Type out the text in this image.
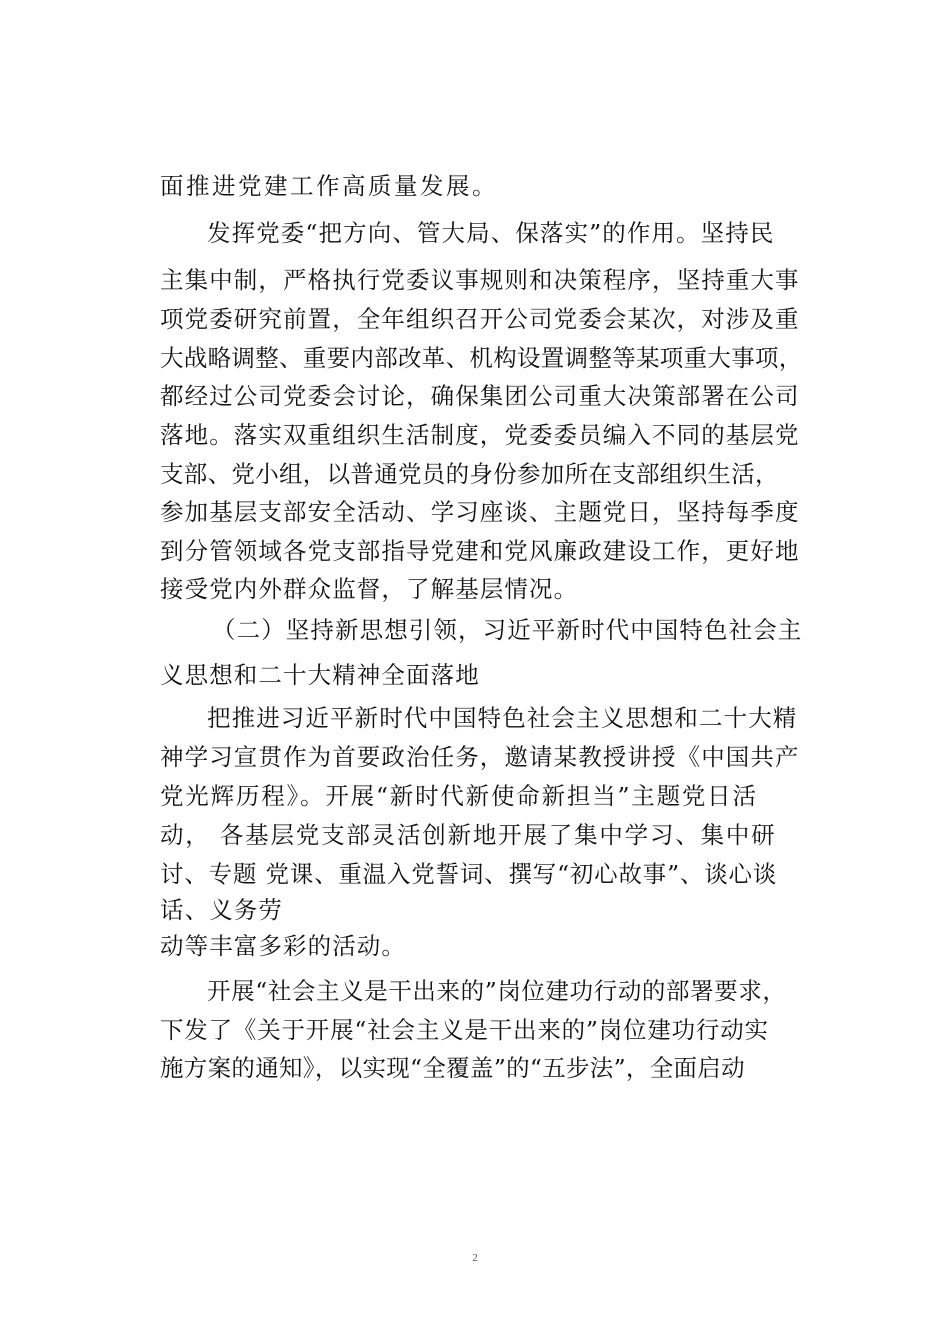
面推进党建工作高质量发展。
发挥党委“把方向、管大局、保落实”的作用。坚持民
主集中制，严格执行党委议事规则和决策程序，坚持重大事
项党委研究前置，全年组织召开公司党委会某次，对涉及重
大战略调整、重要内部改革、机构设置调整等某项重大事项，
都经过公司党委会讨论，确保集团公司重大决策部署在公司
落地。落实双重组织生活制度，党委委员编入不同的基层党
支部、党小组，以普通党员的身份参加所在支部组织生活，
参加基层支部安全活动、学习座谈、主题党日，坚持每季度
到分管领域各党支部指导党建和党风廉政建设工作，更好地
接受党内外群众监督，了解基层情况。
（二）坚持新思想引领，习近平新时代中国特色社会主
义思想和二十大精神全面落地
把推进习近平新时代中国特色社会主义思想和二十大精
神学习宣贯作为首要政治任务，邀请某教授讲授《中国共产
党光辉历程》。开展“新时代新使命新担当”主题党日活
动， 各基层党支部灵活创新地开展了集中学习、集中研
讨、专题 党课、重温入党誓词、撰写“初心故事”、谈心谈
话、义务劳
动等丰富多彩的活动。
开展“社会主义是干出来的”岗位建功行动的部署要求，
下发了《关于开展“社会主义是干出来的”岗位建功行动实
施方案的通知》，以实现“全覆盖”的“五步法”，全面启动
2
